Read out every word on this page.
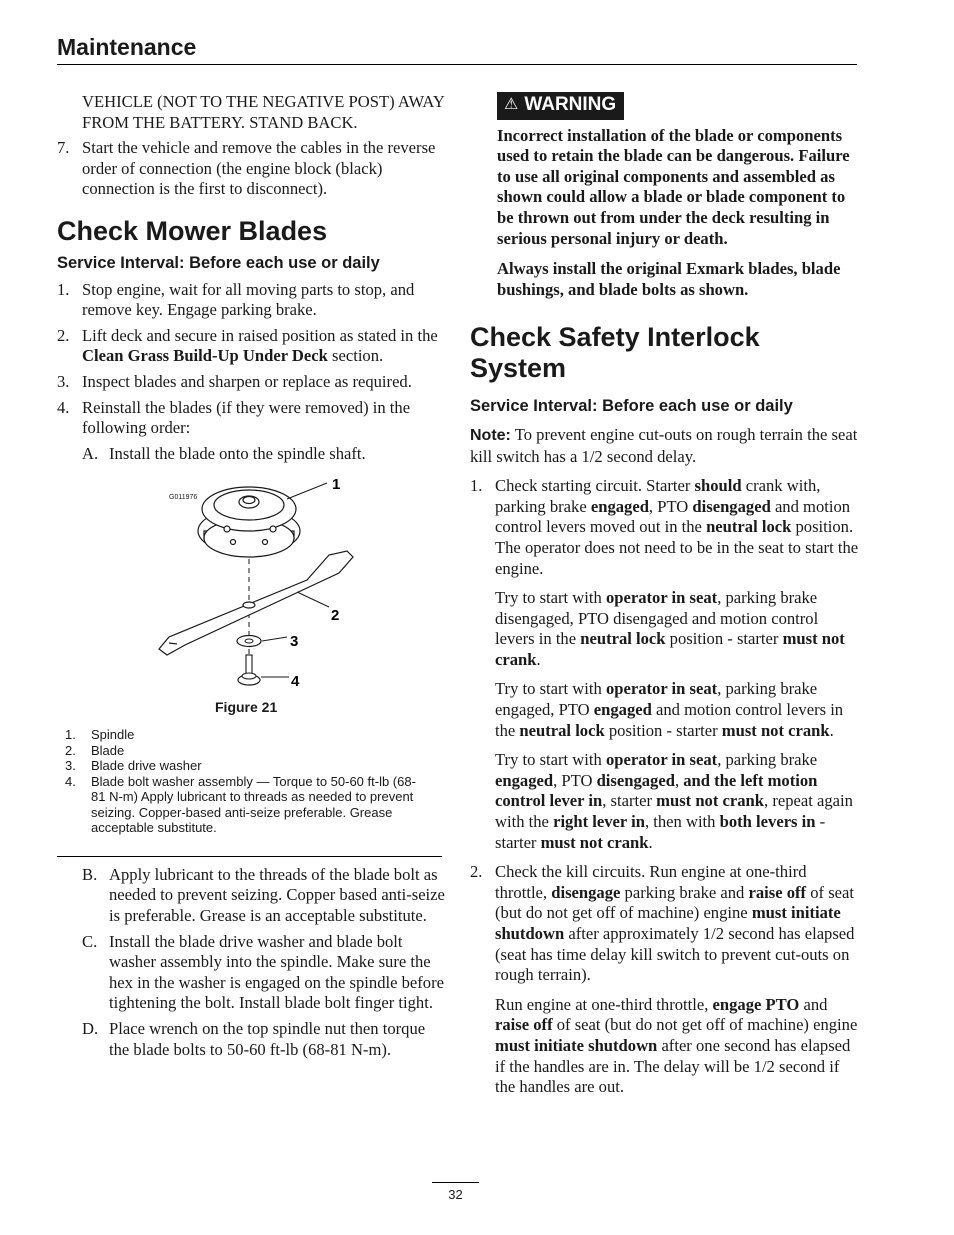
Maintenance

VEHICLE (NOT TO THE NEGATIVE POST) AWAY FROM THE BATTERY. STAND BACK.

7. Start the vehicle and remove the cables in the reverse order of connection (the engine block (black) connection is the first to disconnect).
Check Mower Blades
Service Interval: Before each use or daily
1. Stop engine, wait for all moving parts to stop, and remove key. Engage parking brake.
2. Lift deck and secure in raised position as stated in the Clean Grass Build-Up Under Deck section.
3. Inspect blades and sharpen or replace as required.
4. Reinstall the blades (if they were removed) in the following order:
A. Install the blade onto the spindle shaft.
G011976
1
2
3
4
Figure 21
1.	Spindle
2.	Blade
3.	Blade drive washer
4.	Blade bolt washer assembly — Torque to 50-60 ft-lb (68-81 N-m) Apply lubricant to threads as needed to prevent seizing. Copper-based anti-seize preferable. Grease acceptable substitute.
B. Apply lubricant to the threads of the blade bolt as needed to prevent seizing. Copper based anti-seize is preferable. Grease is an acceptable substitute.
C. Install the blade drive washer and blade bolt washer assembly into the spindle. Make sure the hex in the washer is engaged on the spindle before tightening the bolt. Install blade bolt finger tight.
D. Place wrench on the top spindle nut then torque the blade bolts to 50-60 ft-lb (68-81 N-m).
⚠ WARNING

Incorrect installation of the blade or components used to retain the blade can be dangerous. Failure to use all original components and assembled as shown could allow a blade or blade component to be thrown out from under the deck resulting in serious personal injury or death.

Always install the original Exmark blades, blade bushings, and blade bolts as shown.

Check Safety Interlock System
Service Interval: Before each use or daily

Note: To prevent engine cut-outs on rough terrain the seat kill switch has a 1/2 second delay.

1. Check starting circuit. Starter should crank with, parking brake engaged, PTO disengaged and motion control levers moved out in the neutral lock position. The operator does not need to be in the seat to start the engine.

Try to start with operator in seat, parking brake disengaged, PTO disengaged and motion control levers in the neutral lock position - starter must not crank.

Try to start with operator in seat, parking brake engaged, PTO engaged and motion control levers in the neutral lock position - starter must not crank.

Try to start with operator in seat, parking brake engaged, PTO disengaged, and the left motion control lever in, starter must not crank, repeat again with the right lever in, then with both levers in - starter must not crank.

2. Check the kill circuits. Run engine at one-third throttle, disengage parking brake and raise off of seat (but do not get off of machine) engine must initiate shutdown after approximately 1/2 second has elapsed (seat has time delay kill switch to prevent cut-outs on rough terrain).

Run engine at one-third throttle, engage PTO and raise off of seat (but do not get off of machine) engine must initiate shutdown after one second has elapsed if the handles are in. The delay will be 1/2 second if the handles are out.

32
